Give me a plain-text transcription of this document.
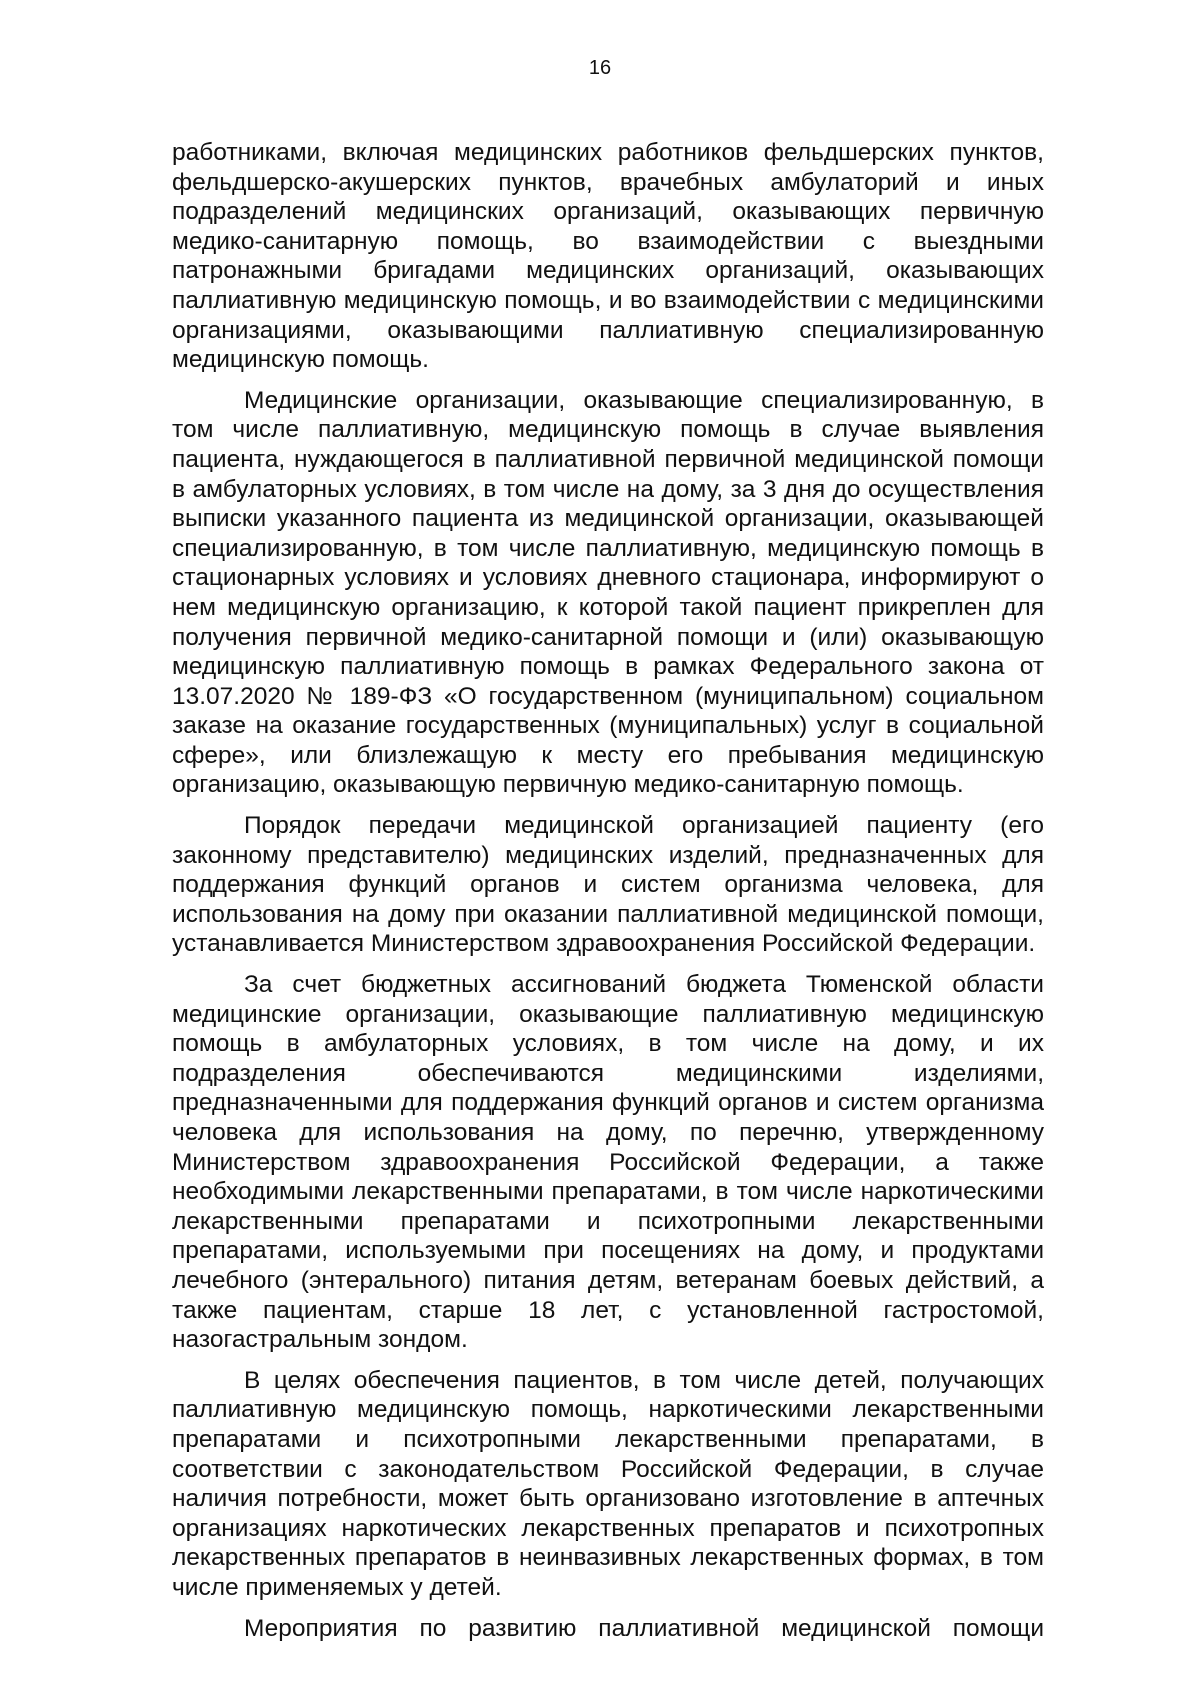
16

работниками, включая медицинских работников фельдшерских пунктов, фельдшерско-акушерских пунктов, врачебных амбулаторий и иных подразделений медицинских организаций, оказывающих первичную медико-санитарную помощь, во взаимодействии с выездными патронажными бригадами медицинских организаций, оказывающих паллиативную медицинскую помощь, и во взаимодействии с медицинскими организациями, оказывающими паллиативную специализированную медицинскую помощь.

Медицинские организации, оказывающие специализированную, в том числе паллиативную, медицинскую помощь в случае выявления пациента, нуждающегося в паллиативной первичной медицинской помощи в амбулаторных условиях, в том числе на дому, за 3 дня до осуществления выписки указанного пациента из медицинской организации, оказывающей специализированную, в том числе паллиативную, медицинскую помощь в стационарных условиях и условиях дневного стационара, информируют о нем медицинскую организацию, к которой такой пациент прикреплен для получения первичной медико-санитарной помощи и (или) оказывающую медицинскую паллиативную помощь в рамках Федерального закона от 13.07.2020 № 189-ФЗ «О государственном (муниципальном) социальном заказе на оказание государственных (муниципальных) услуг в социальной сфере», или близлежащую к месту его пребывания медицинскую организацию, оказывающую первичную медико-санитарную помощь.

Порядок передачи медицинской организацией пациенту (его законному представителю) медицинских изделий, предназначенных для поддержания функций органов и систем организма человека, для использования на дому при оказании паллиативной медицинской помощи, устанавливается Министерством здравоохранения Российской Федерации.

За счет бюджетных ассигнований бюджета Тюменской области медицинские организации, оказывающие паллиативную медицинскую помощь в амбулаторных условиях, в том числе на дому, и их подразделения обеспечиваются медицинскими изделиями, предназначенными для поддержания функций органов и систем организма человека для использования на дому, по перечню, утвержденному Министерством здравоохранения Российской Федерации, а также необходимыми лекарственными препаратами, в том числе наркотическими лекарственными препаратами и психотропными лекарственными препаратами, используемыми при посещениях на дому, и продуктами лечебного (энтерального) питания детям, ветеранам боевых действий, а также пациентам, старше 18 лет, с установленной гастростомой, назогастральным зондом.

В целях обеспечения пациентов, в том числе детей, получающих паллиативную медицинскую помощь, наркотическими лекарственными препаратами и психотропными лекарственными препаратами, в соответствии с законодательством Российской Федерации, в случае наличия потребности, может быть организовано изготовление в аптечных организациях наркотических лекарственных препаратов и психотропных лекарственных препаратов в неинвазивных лекарственных формах, в том числе применяемых у детей.

Мероприятия по развитию паллиативной медицинской помощи
